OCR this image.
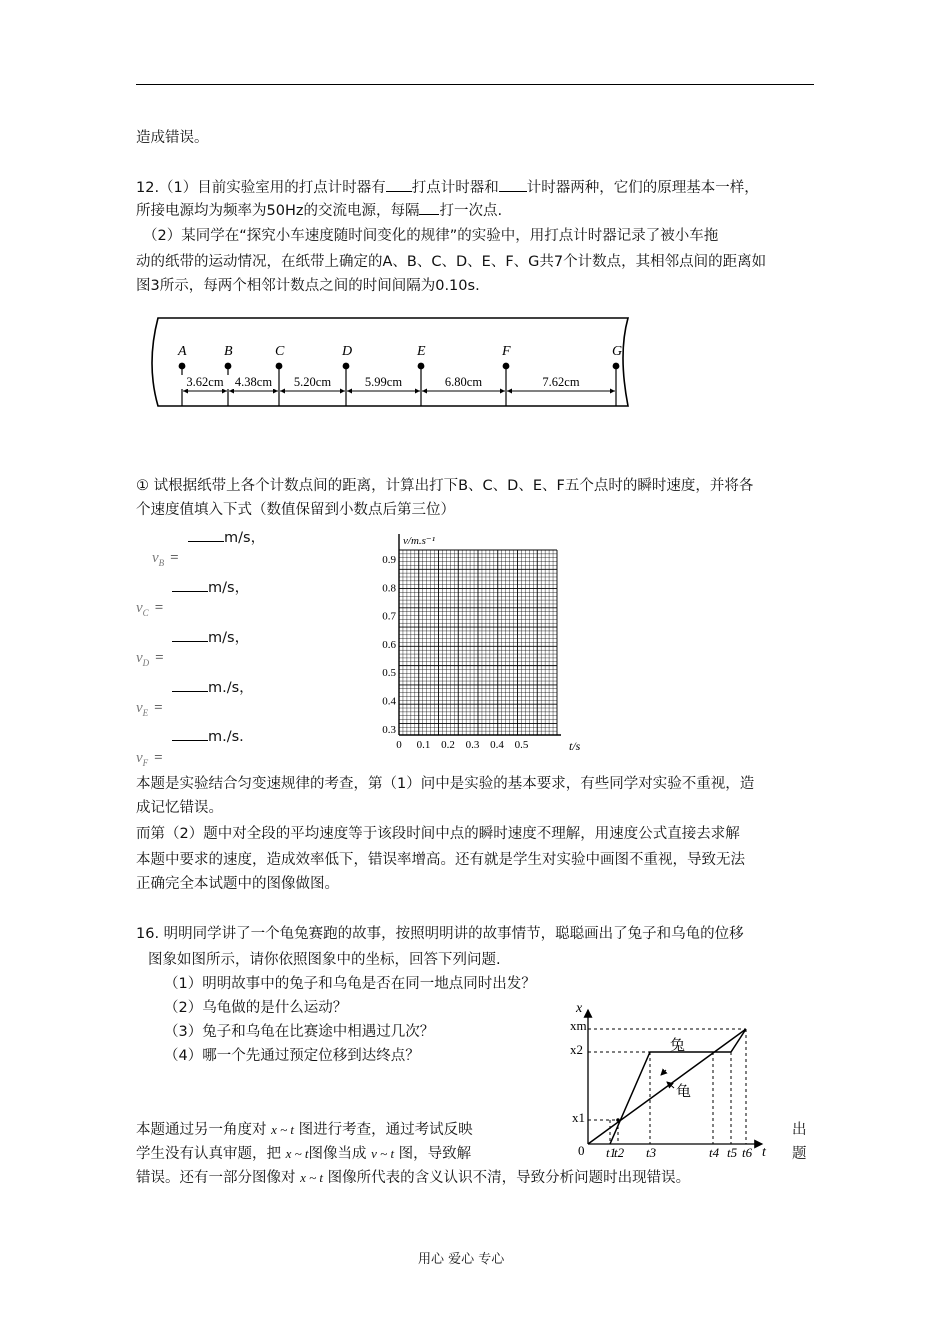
造成错误。
12.（1）目前实验室用的打点计时器有 打点计时器和 计时器两种，它们的原理基本一样，
所接电源均为频率为50Hz的交流电源，每隔 打一次点.
（2）某同学在“探究小车速度随时间变化的规律”的实验中，用打点计时器记录了被小车拖
动的纸带的运动情况，在纸带上确定的A、B、C、D、E、F、G共7个计数点，其相邻点间的距离如
图3所示，每两个相邻计数点之间的时间间隔为0.10s.
A	B	C	D	E	F	G
3.62cm 4.38cm 5.20cm	5.99cm	6.80cm	7.62cm
① 试根据纸带上各个计数点间的距离，计算出打下B、C、D、E、F五个点时的瞬时速度，并将各
个速度值填入下式（数值保留到小数点后第三位）
$v_B$ =
m/s，
$v_C$ =
m/s，
$v_D$ =
m/s，
$v_E$ =
m./s，
$v_F$ =
m./s.
v/m.s⁻¹
t/s
0.9
0.8
0.7
0.6
0.5
0.4
0.3
0 0.1 0.2 0.3 0.4 0.5
本题是实验结合匀变速规律的考查，第（1）问中是实验的基本要求，有些同学对实验不重视，造
成记忆错误。
而第（2）题中对全段的平均速度等于该段时间中点的瞬时速度不理解，用速度公式直接去求解
本题中要求的速度，造成效率低下，错误率增高。还有就是学生对实验中画图不重视，导致无法
正确完全本试题中的图像做图。
16. 明明同学讲了一个龟兔赛跑的故事，按照明明讲的故事情节，聪聪画出了兔子和乌龟的位移
图象如图所示，请你依照图象中的坐标，回答下列问题.
（1）明明故事中的兔子和乌龟是否在同一地点同时出发？
（2）乌龟做的是什么运动？
（3）兔子和乌龟在比赛途中相遇过几次？
（4）哪一个先通过预定位移到达终点？
本题通过另一角度对 x ~ t 图进行考查，通过考试反映	出
学生没有认真审题，把 x ~ t图像当成 v ~ t 图，导致解	题
错误。还有一部分图像对 x ~ t 图像所代表的含义认识不清，导致分析问题时出现错误。
兔
龟
x
t
0
xm
x2
x1
t1
t2 t3	t4 t5 t6
用心 爱心 专心
